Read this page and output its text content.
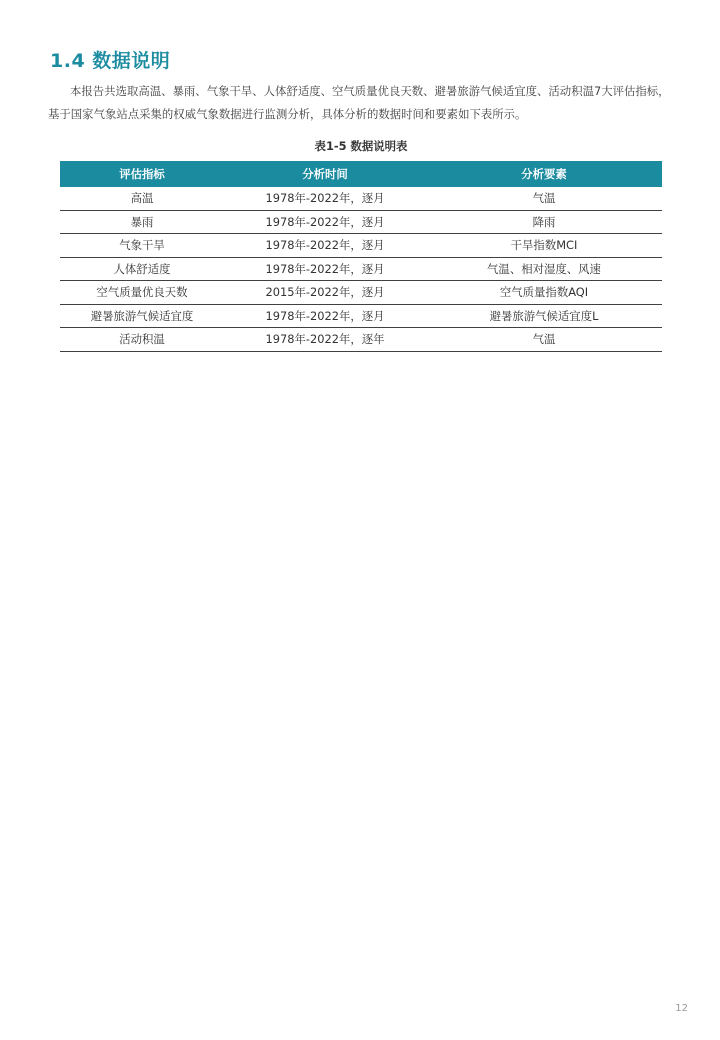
1.4 数据说明

本报告共选取高温、暴雨、气象干旱、人体舒适度、空气质量优良天数、避暑旅游气候适宜度、活动积温7大评估指标，基于国家气象站点采集的权威气象数据进行监测分析，具体分析的数据时间和要素如下表所示。

表1-5 数据说明表
评估指标	分析时间	分析要素
高温	1978年-2022年，逐月	气温
暴雨	1978年-2022年，逐月	降雨
气象干旱	1978年-2022年，逐月	干旱指数MCI
人体舒适度	1978年-2022年，逐月	气温、相对湿度、风速
空气质量优良天数	2015年-2022年，逐月	空气质量指数AQI
避暑旅游气候适宜度	1978年-2022年，逐月	避暑旅游气候适宜度L
活动积温	1978年-2022年，逐年	气温
12
